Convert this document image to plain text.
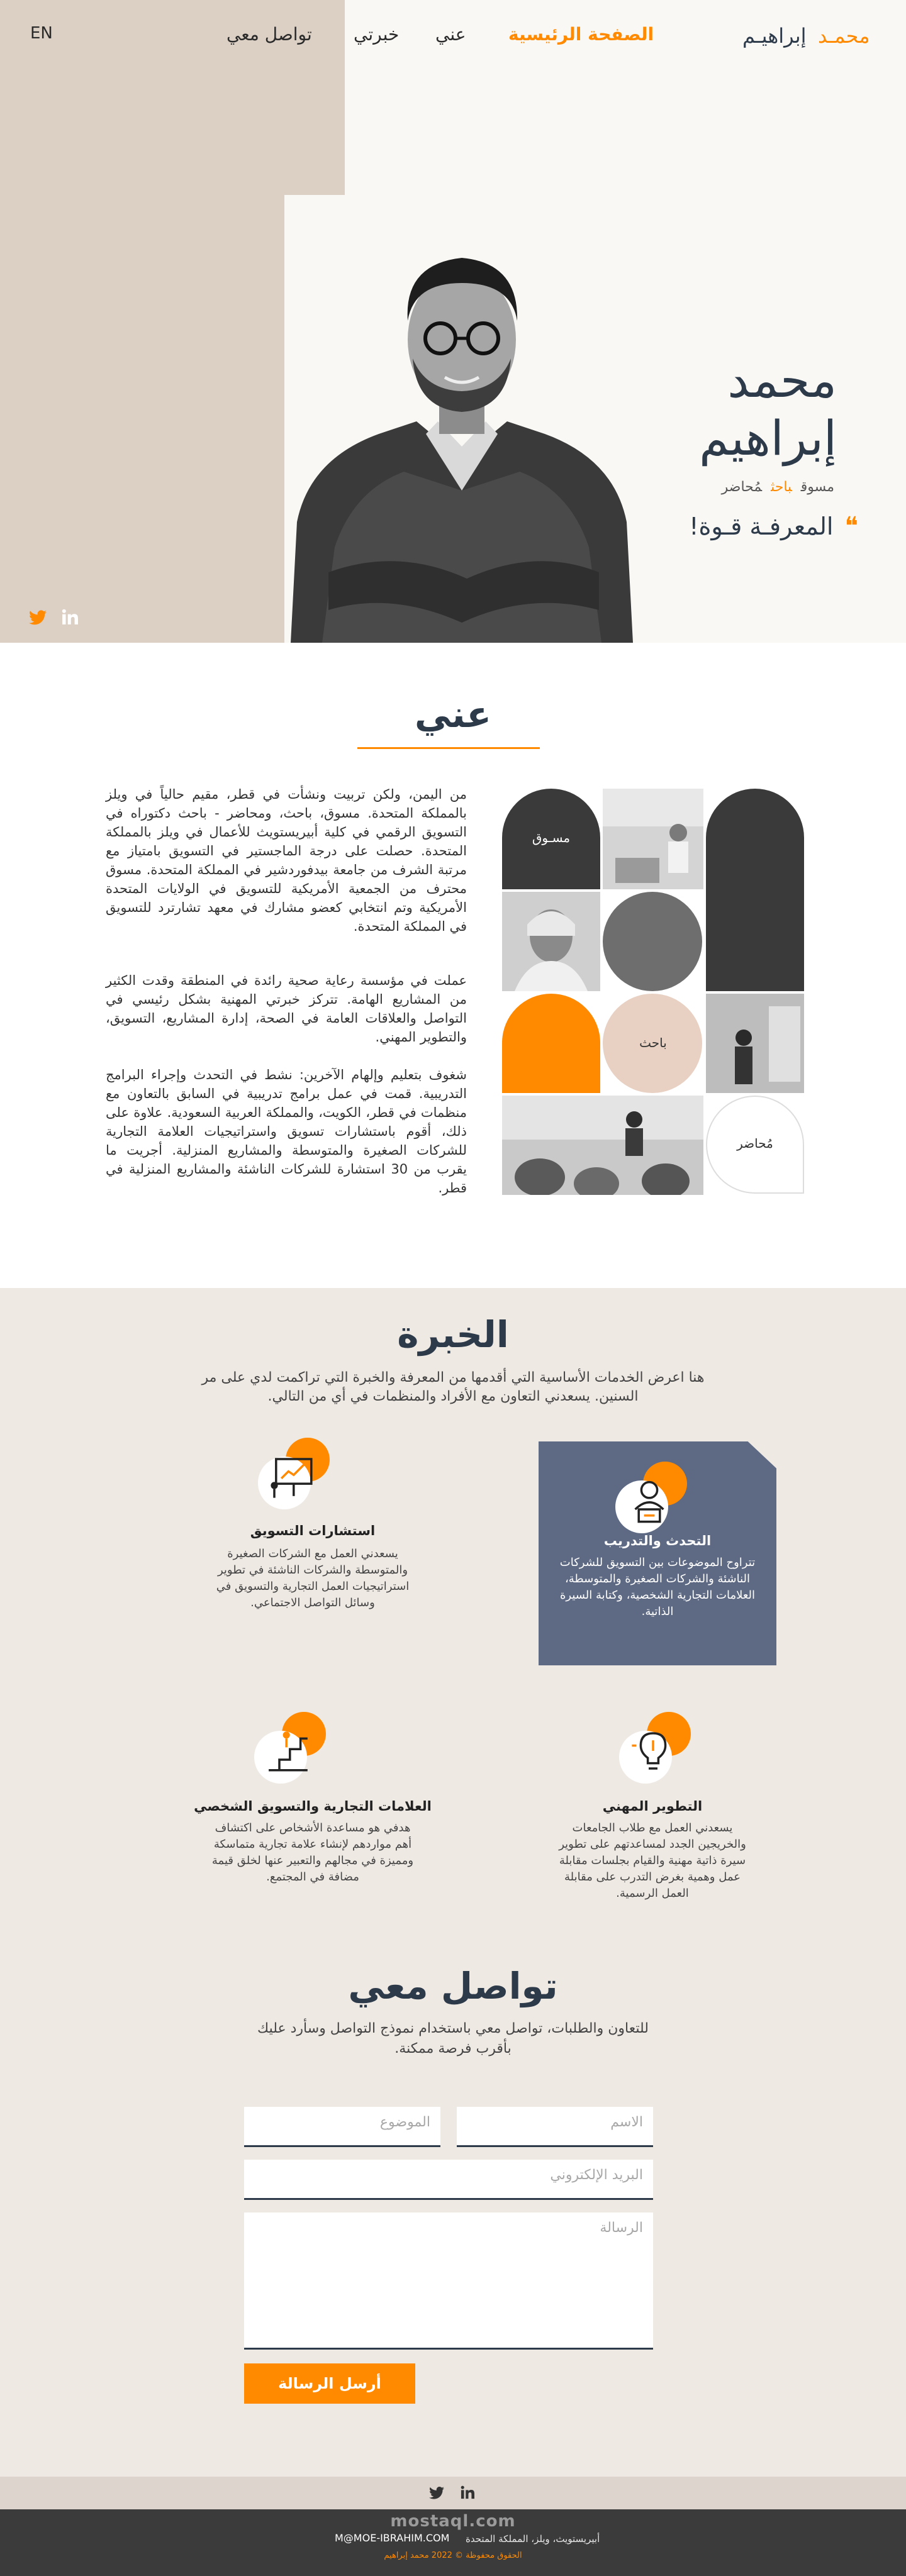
EN	تواصل معي خبرتي عني الصفحة الرئيسية	إبراهيـم محمـد
محمد
إبراهيم
مسوقباحثمُحاضر
❝المعرفـة قـوة!
عني

من اليمن، ولكن تربيت ونشأت في قطر، مقيم حالياً في ويلز بالمملكة المتحدة. مسوق، باحث، ومحاضر - باحث دكتوراه في التسويق الرقمي في كلية أبيريستويث للأعمال في ويلز بالمملكة المتحدة. حصلت على درجة الماجستير في التسويق بامتياز مع مرتبة الشرف من جامعة بيدفوردشير في المملكة المتحدة. مسوق محترف من الجمعية الأمريكية للتسويق في الولايات المتحدة الأمريكية وتم انتخابي كعضو مشارك في معهد تشارترد للتسويق في المملكة المتحدة.

عملت في مؤسسة رعاية صحية رائدة في المنطقة وقدت الكثير من المشاريع الهامة. تتركز خبرتي المهنية بشكل رئيسي في التواصل والعلاقات العامة في الصحة، إدارة المشاريع، التسويق، والتطوير المهني.

شغوف بتعليم وإلهام الآخرين: نشط في التحدث وإجراء البرامج التدريبية. قمت في عمل برامج تدريبية في السابق بالتعاون مع منظمات في قطر، الكويت، والمملكة العربية السعودية. علاوة على ذلك، أقوم باستشارات تسويق واستراتيجيات العلامة التجارية للشركات الصغيرة والمتوسطة والمشاريع المنزلية. أجريت ما يقرب من 30 استشارة للشركات الناشئة والمشاريع المنزلية في قطر.

مسـوق
باحث
مُحاضر
الخبرة

هنا اعرض الخدمات الأساسية التي أقدمها من المعرفة والخبرة التي تراكمت لدي على مر السنين. يسعدني التعاون مع الأفراد والمنظمات في أي من التالي.

التحدث والتدريب

تتراوح الموضوعات بين التسويق للشركات الناشئة والشركات الصغيرة والمتوسطة، العلامات التجارية الشخصية، وكتابة السيرة الذاتية.

استشارات التسويق

يسعدني العمل مع الشركات الصغيرة والمتوسطة والشركات الناشئة في تطوير استراتيجيات العمل التجارية والتسويق في وسائل التواصل الاجتماعي.

التطوير المهني

يسعدني العمل مع طلاب الجامعات والخريجين الجدد لمساعدتهم على تطوير سيرة ذاتية مهنية والقيام بجلسات مقابلة عمل وهمية بغرض التدرب على مقابلة العمل الرسمية.

العلامات التجارية والتسويق الشخصي

هدفي هو مساعدة الأشخاص على اكتشاف أهم مواردهم لإنشاء علامة تجارية متماسكة ومميزة في مجالهم والتعبير عنها لخلق قيمة مضافة في المجتمع.

تواصل معي

للتعاون والطلبات، تواصل معي باستخدام نموذج التواصل وسأرد عليك بأقرب فرصة ممكنة.

الاسم
الموضوع
البريد الإلكتروني
الرسالة
أرسل الرسالة
mostaql.com
أبيريستويث، ويلز، المملكة المتحدة
M@MOE-IBRAHIM.COM
الحقوق محفوظة © 2022 محمد إبراهيم
